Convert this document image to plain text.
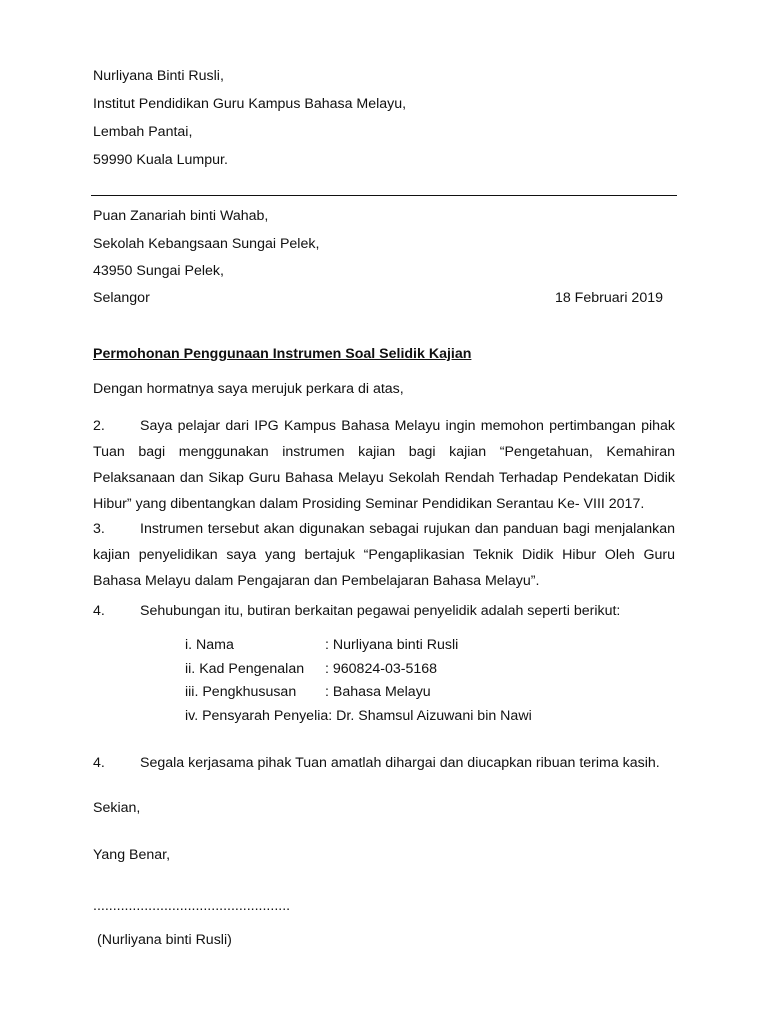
Nurliyana Binti Rusli,
Institut Pendidikan Guru Kampus Bahasa Melayu,
Lembah Pantai,
59990 Kuala Lumpur.
Puan Zanariah binti Wahab,
Sekolah Kebangsaan Sungai Pelek,
43950 Sungai Pelek,
Selangor	18 Februari 2019
Permohonan Penggunaan Instrumen Soal Selidik Kajian
Dengan hormatnya saya merujuk perkara di atas,
2. Saya pelajar dari IPG Kampus Bahasa Melayu ingin memohon pertimbangan pihak
Tuan bagi menggunakan instrumen kajian bagi kajian “Pengetahuan, Kemahiran
Pelaksanaan dan Sikap Guru Bahasa Melayu Sekolah Rendah Terhadap Pendekatan Didik
Hibur” yang dibentangkan dalam Prosiding Seminar Pendidikan Serantau Ke- VIII 2017.
3. Instrumen tersebut akan digunakan sebagai rujukan dan panduan bagi menjalankan
kajian penyelidikan saya yang bertajuk “Pengaplikasian Teknik Didik Hibur Oleh Guru
Bahasa Melayu dalam Pengajaran dan Pembelajaran Bahasa Melayu”.
4. Sehubungan itu, butiran berkaitan pegawai penyelidik adalah seperti berikut:
i. Nama	: Nurliyana binti Rusli
ii. Kad Pengenalan	: 960824-03-5168
iii. Pengkhususan	: Bahasa Melayu
iv. Pensyarah Penyelia: Dr. Shamsul Aizuwani bin Nawi
4. Segala kerjasama pihak Tuan amatlah dihargai dan diucapkan ribuan terima kasih.
Sekian,
Yang Benar,
..................................................
(Nurliyana binti Rusli)
